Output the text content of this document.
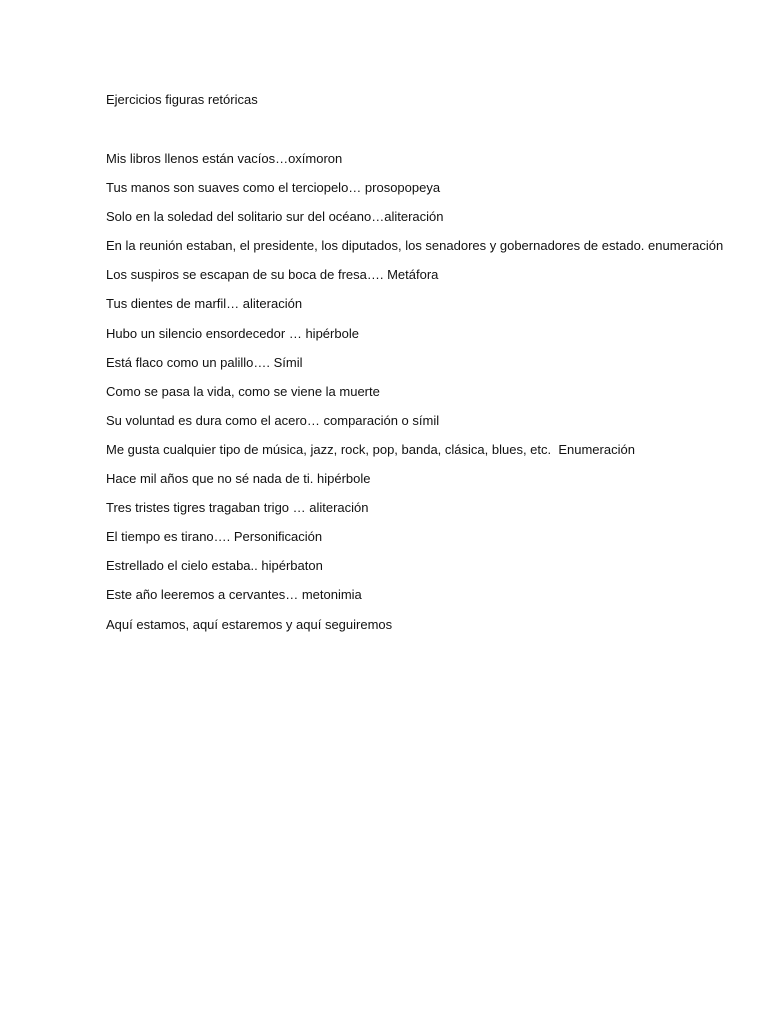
Ejercicios figuras retóricas
Mis libros llenos están vacíos…oxímoron
Tus manos son suaves como el terciopelo… prosopopeya
Solo en la soledad del solitario sur del océano…aliteración
En la reunión estaban, el presidente, los diputados, los senadores y gobernadores de estado. enumeración
Los suspiros se escapan de su boca de fresa…. Metáfora
Tus dientes de marfil… aliteración
Hubo un silencio ensordecedor … hipérbole
Está flaco como un palillo…. Símil
Como se pasa la vida, como se viene la muerte
Su voluntad es dura como el acero… comparación o símil
Me gusta cualquier tipo de música, jazz, rock, pop, banda, clásica, blues, etc.  Enumeración
Hace mil años que no sé nada de ti. hipérbole
Tres tristes tigres tragaban trigo … aliteración
El tiempo es tirano…. Personificación
Estrellado el cielo estaba.. hipérbaton
Este año leeremos a cervantes… metonimia
Aquí estamos, aquí estaremos y aquí seguiremos
